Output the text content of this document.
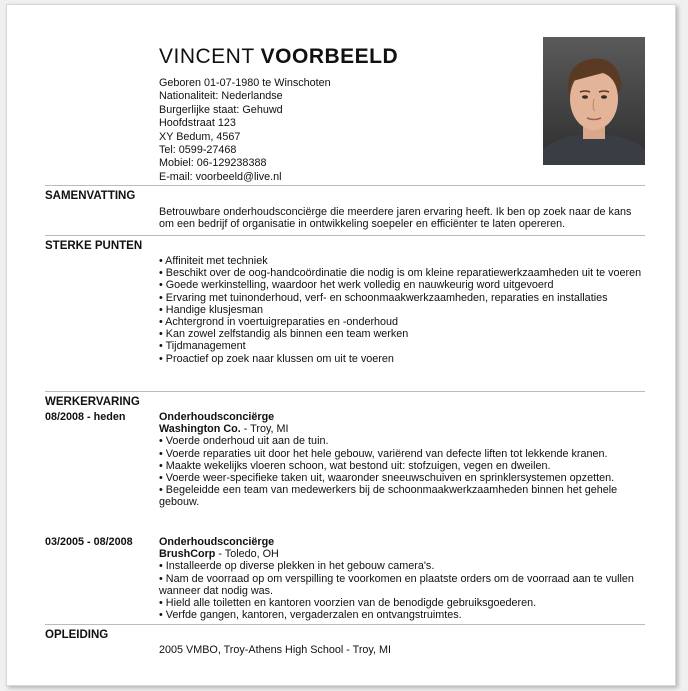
VINCENT VOORBEELD
Geboren 01-07-1980 te Winschoten
Nationaliteit: Nederlandse
Burgerlijke staat: Gehuwd
Hoofdstraat 123
XY Bedum, 4567
Tel: 0599-27468
Mobiel: 06-129238388
E-mail: voorbeeld@live.nl
SAMENVATTING
Betrouwbare onderhoudsconciërge die meerdere jaren ervaring heeft. Ik ben op zoek naar de kans om een bedrijf of organisatie in ontwikkeling soepeler en efficiënter te laten opereren.
STERKE PUNTEN
• Affiniteit met techniek
• Beschikt over de oog-handcoördinatie die nodig is om kleine reparatiewerkzaamheden uit te voeren
• Goede werkinstelling, waardoor het werk volledig en nauwkeurig word uitgevoerd
• Ervaring met tuinonderhoud, verf- en schoonmaakwerkzaamheden, reparaties en installaties
• Handige klusjesman
• Achtergrond in voertuigreparaties en -onderhoud
• Kan zowel zelfstandig als binnen een team werken
• Tijdmanagement
• Proactief op zoek naar klussen om uit te voeren
WERKERVARING
08/2008 - heden	Onderhoudsconciërge
Washington Co. - Troy, MI
• Voerde onderhoud uit aan de tuin.
• Voerde reparaties uit door het hele gebouw, variërend van defecte liften tot lekkende kranen.
• Maakte wekelijks vloeren schoon, wat bestond uit: stofzuigen, vegen en dweilen.
• Voerde weer-specifieke taken uit, waaronder sneeuwschuiven en sprinklersystemen opzetten.
• Begeleidde een team van medewerkers bij de schoonmaakwerkzaamheden binnen het gehele gebouw.
03/2005 - 08/2008 Onderhoudsconciërge
BrushCorp - Toledo, OH
• Installeerde op diverse plekken in het gebouw camera's.
• Nam de voorraad op om verspilling te voorkomen en plaatste orders om de voorraad aan te vullen wanneer dat nodig was.
• Hield alle toiletten en kantoren voorzien van de benodigde gebruiksgoederen.
• Verfde gangen, kantoren, vergaderzalen en ontvangstruimtes.
OPLEIDING
2005 VMBO, Troy-Athens High School - Troy, MI
